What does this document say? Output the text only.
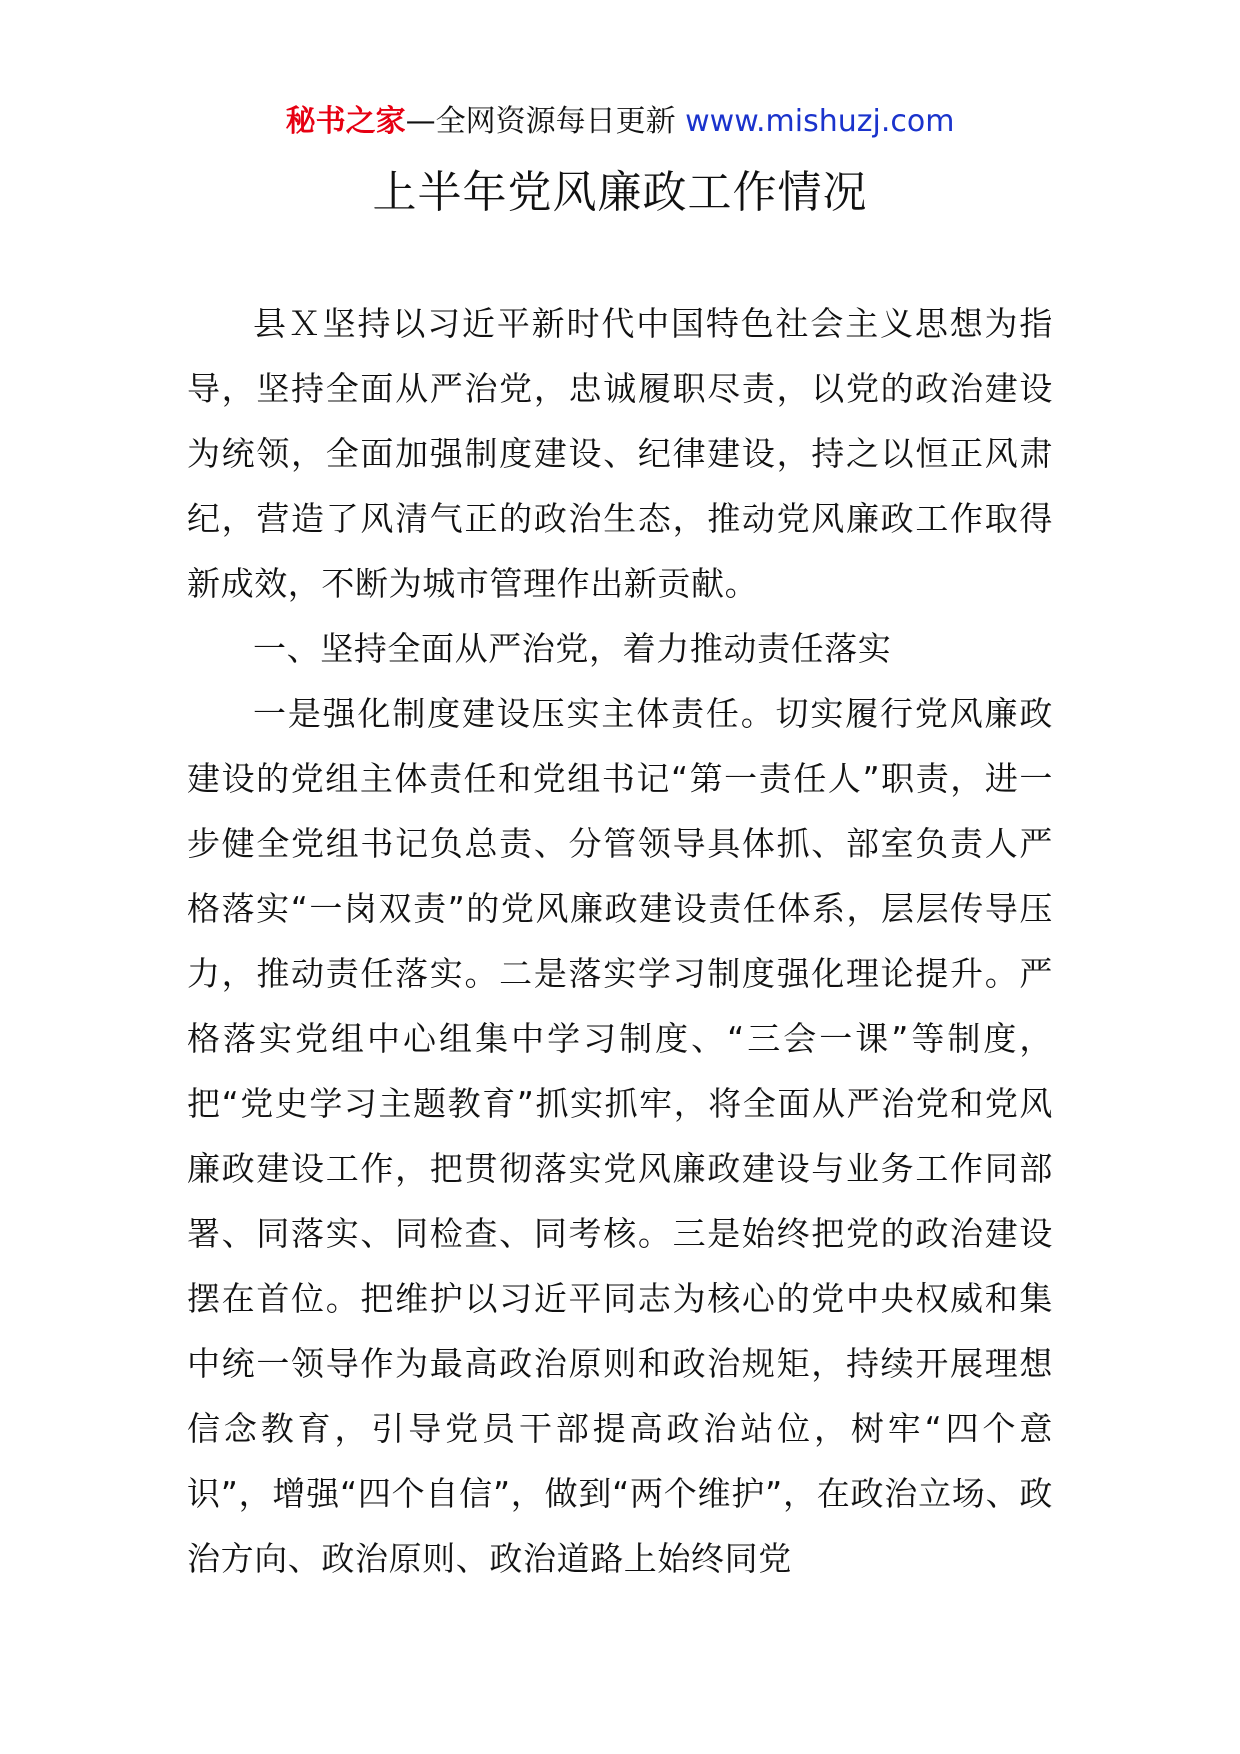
秘书之家—全网资源每日更新 www.mishuzj.com
上半年党风廉政工作情况

县Ｘ坚持以习近平新时代中国特色社会主义思想为指导，坚持全面从严治党，忠诚履职尽责，以党的政治建设为统领，全面加强制度建设、纪律建设，持之以恒正风肃纪，营造了风清气正的政治生态，推动党风廉政工作取得新成效，不断为城市管理作出新贡献。

一、坚持全面从严治党，着力推动责任落实

一是强化制度建设压实主体责任。切实履行党风廉政建设的党组主体责任和党组书记“第一责任人”职责，进一步健全党组书记负总责、分管领导具体抓、部室负责人严格落实“一岗双责”的党风廉政建设责任体系，层层传导压力，推动责任落实。二是落实学习制度强化理论提升。严格落实党组中心组集中学习制度、“三会一课”等制度，把“党史学习主题教育”抓实抓牢，将全面从严治党和党风廉政建设工作，把贯彻落实党风廉政建设与业务工作同部署、同落实、同检查、同考核。三是始终把党的政治建设摆在首位。把维护以习近平同志为核心的党中央权威和集中统一领导作为最高政治原则和政治规矩，持续开展理想信念教育，引导党员干部提高政治站位，树牢“四个意识”，增强“四个自信”，做到“两个维护”，在政治立场、政治方向、政治原则、政治道路上始终同党
